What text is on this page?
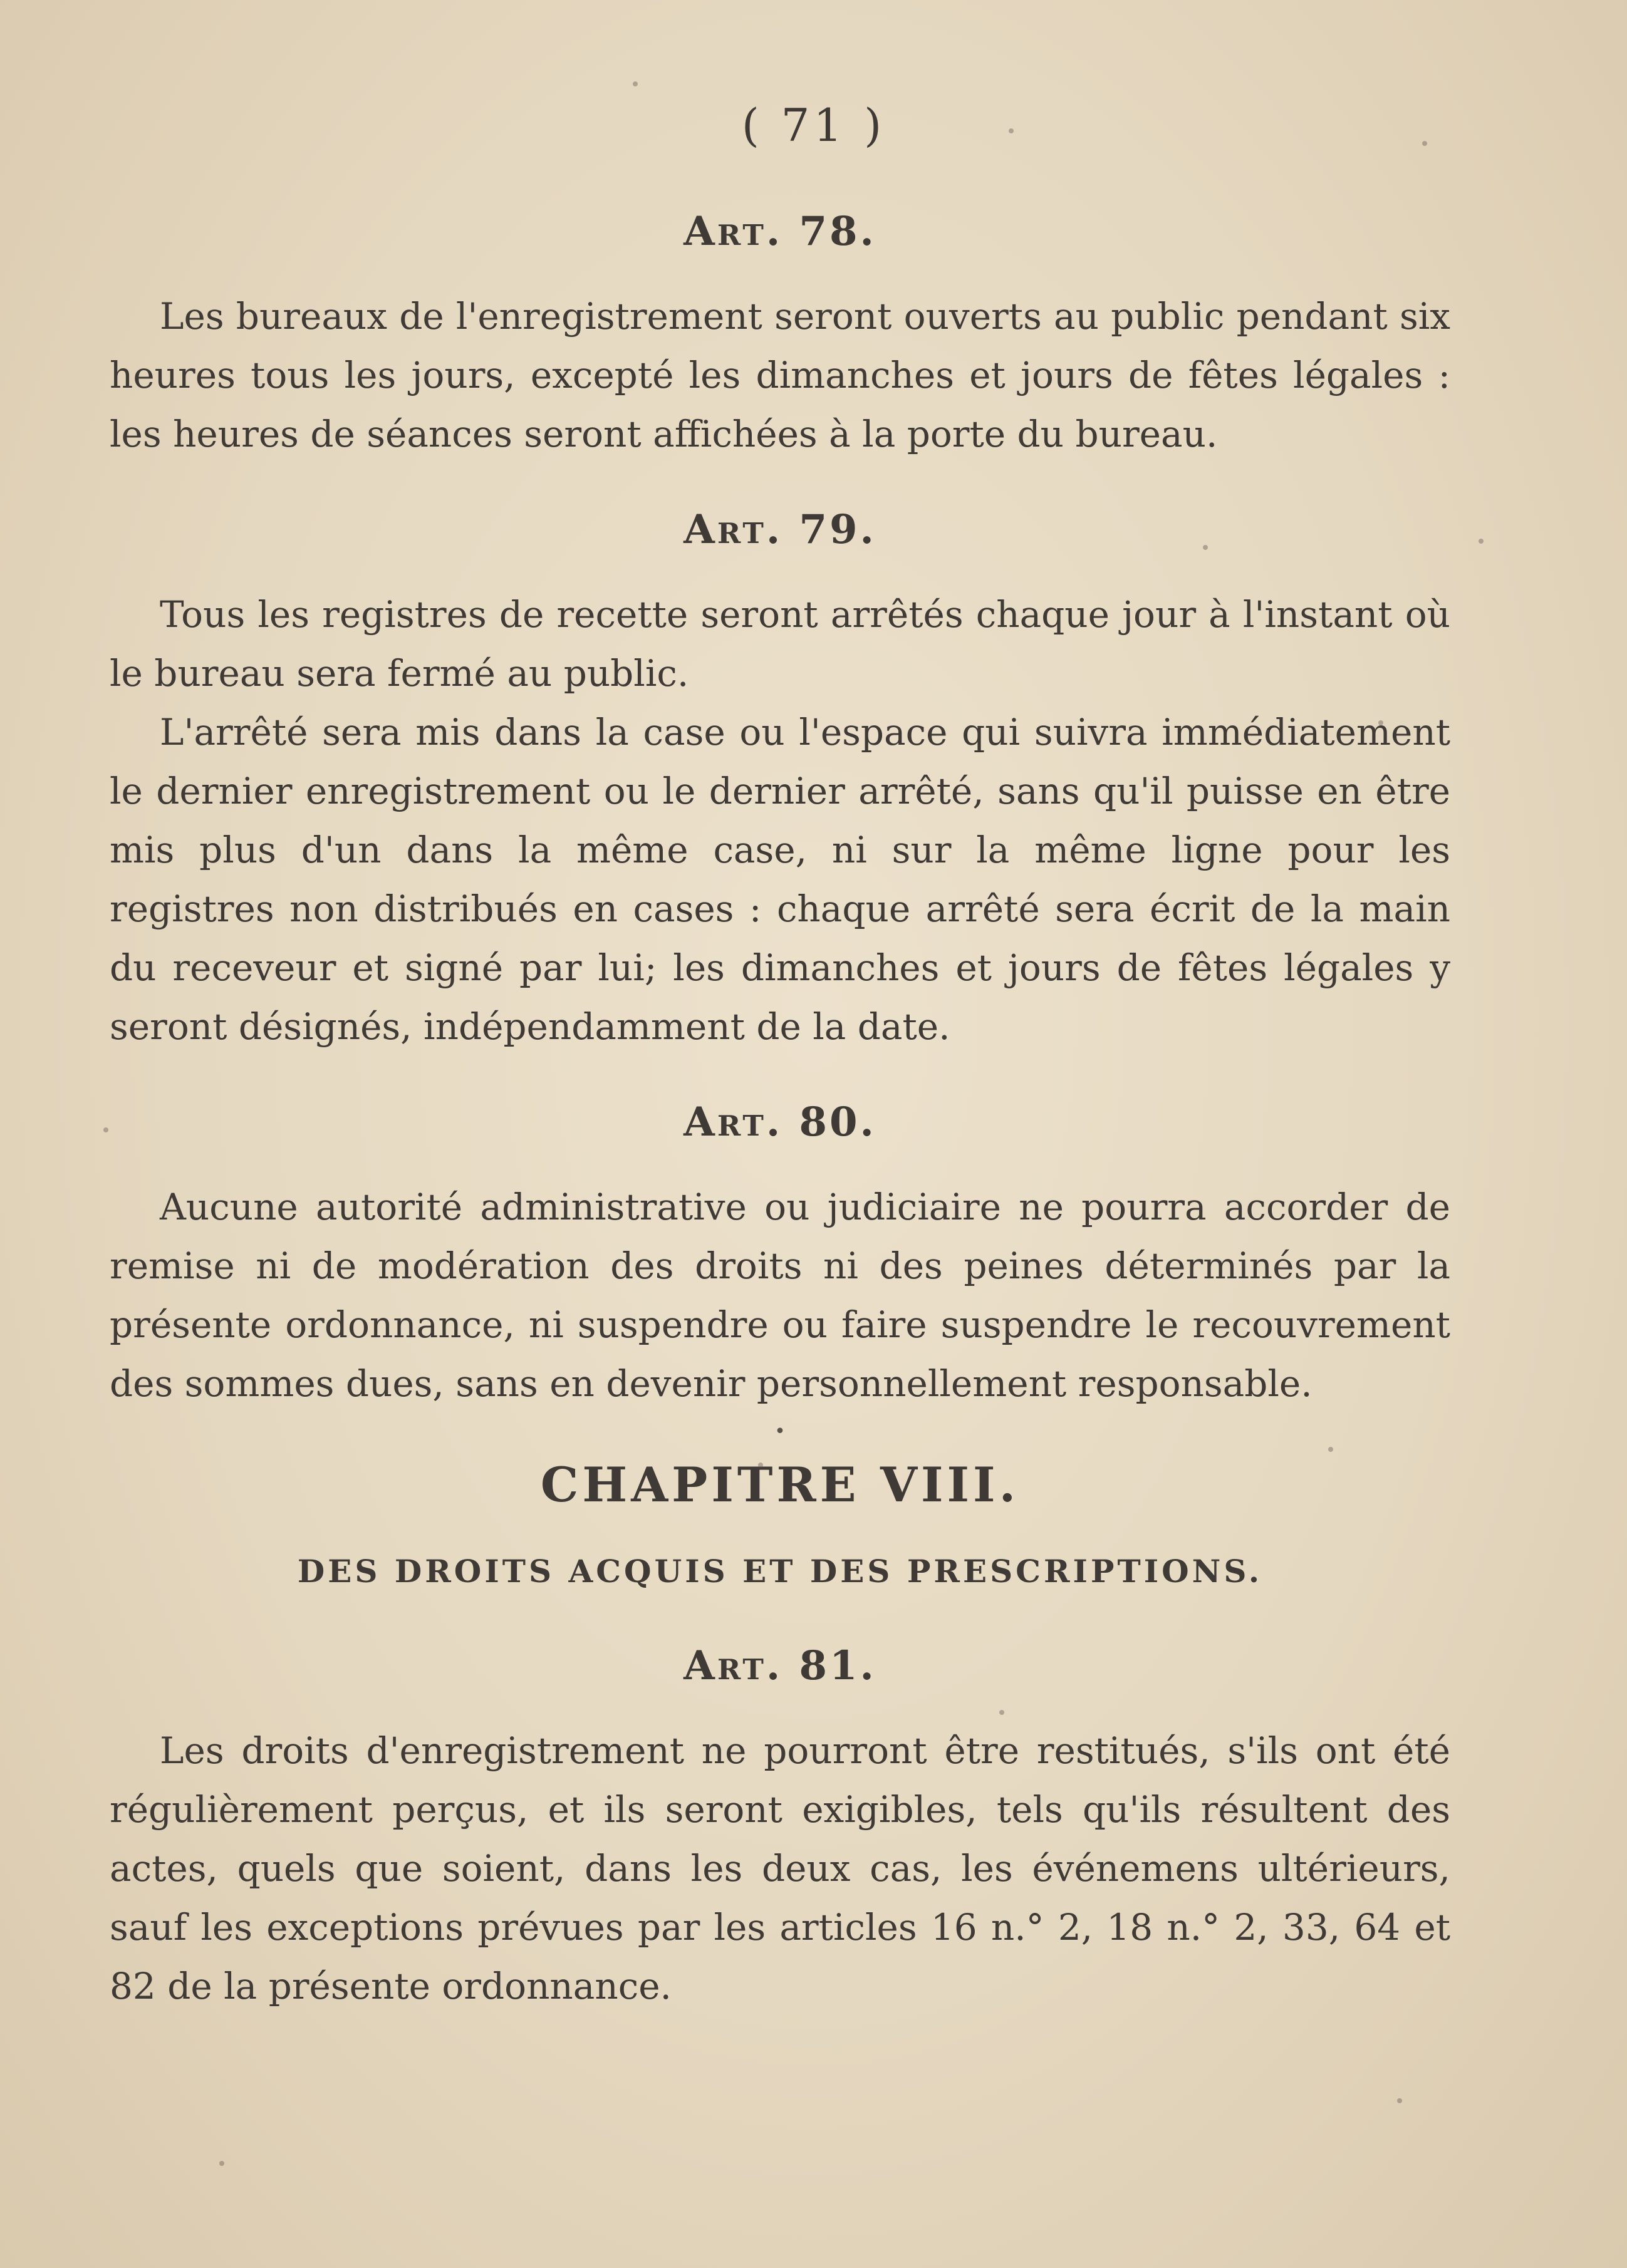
( 71 )
Art. 78.

Les bureaux de l'enregistrement seront ouverts au public pendant six heures tous les jours, excepté les dimanches et jours de fêtes légales : les heures de séances seront affichées à la porte du bureau.

Art. 79.

Tous les registres de recette seront arrêtés chaque jour à l'instant où le bureau sera fermé au public.

L'arrêté sera mis dans la case ou l'espace qui suivra immédiatement le dernier enregistrement ou le dernier arrêté, sans qu'il puisse en être mis plus d'un dans la même case, ni sur la même ligne pour les registres non distribués en cases : chaque arrêté sera écrit de la main du receveur et signé par lui; les dimanches et jours de fêtes légales y seront désignés, indépendamment de la date.

Art. 80.

Aucune autorité administrative ou judiciaire ne pourra accorder de remise ni de modération des droits ni des peines déterminés par la présente ordonnance, ni suspendre ou faire suspendre le recouvrement des sommes dues, sans en devenir personnellement responsable.

•
CHAPITRE VIII.
DES DROITS ACQUIS ET DES PRESCRIPTIONS.
Art. 81.

Les droits d'enregistrement ne pourront être restitués, s'ils ont été régulièrement perçus, et ils seront exigibles, tels qu'ils résultent des actes, quels que soient, dans les deux cas, les événemens ultérieurs, sauf les exceptions prévues par les articles 16 n.° 2, 18 n.° 2, 33, 64 et 82 de la présente ordonnance.
